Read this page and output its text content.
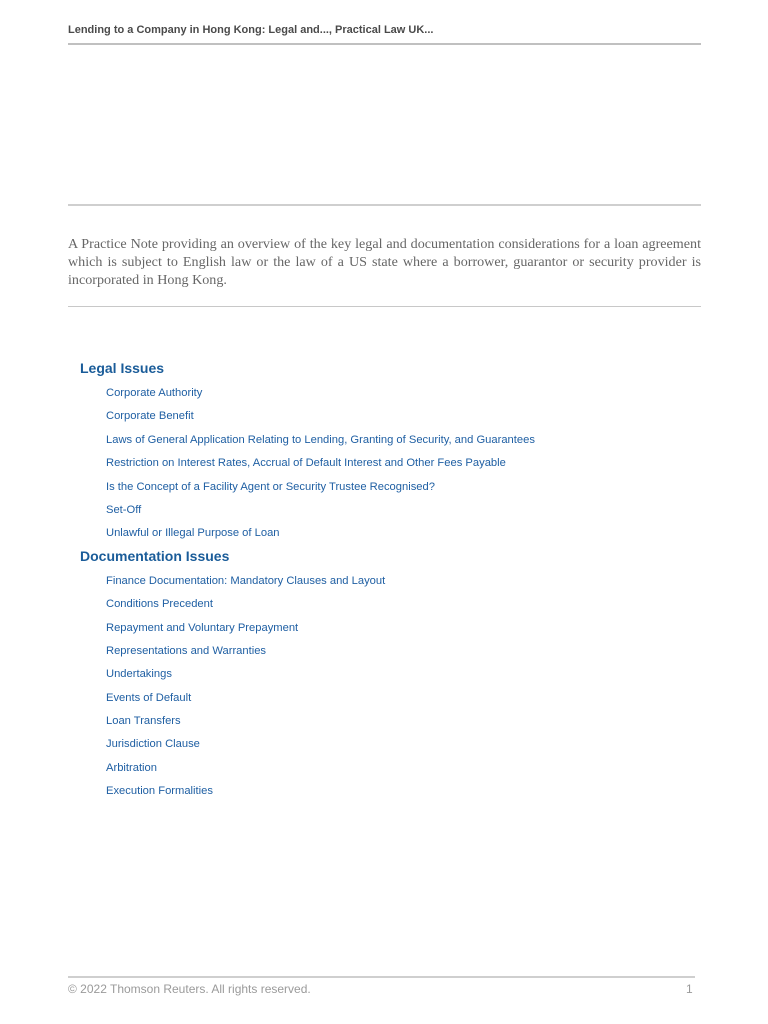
Lending to a Company in Hong Kong: Legal and..., Practical Law UK...

A Practice Note providing an overview of the key legal and documentation considerations for a loan agreement which is subject to English law or the law of a US state where a borrower, guarantor or security provider is incorporated in Hong Kong.

Legal Issues
Corporate Authority
Corporate Benefit
Laws of General Application Relating to Lending, Granting of Security, and Guarantees
Restriction on Interest Rates, Accrual of Default Interest and Other Fees Payable
Is the Concept of a Facility Agent or Security Trustee Recognised?
Set-Off
Unlawful or Illegal Purpose of Loan
Documentation Issues
Finance Documentation: Mandatory Clauses and Layout
Conditions Precedent
Repayment and Voluntary Prepayment
Representations and Warranties
Undertakings
Events of Default
Loan Transfers
Jurisdiction Clause
Arbitration
Execution Formalities
© 2022 Thomson Reuters. All rights reserved.	1
